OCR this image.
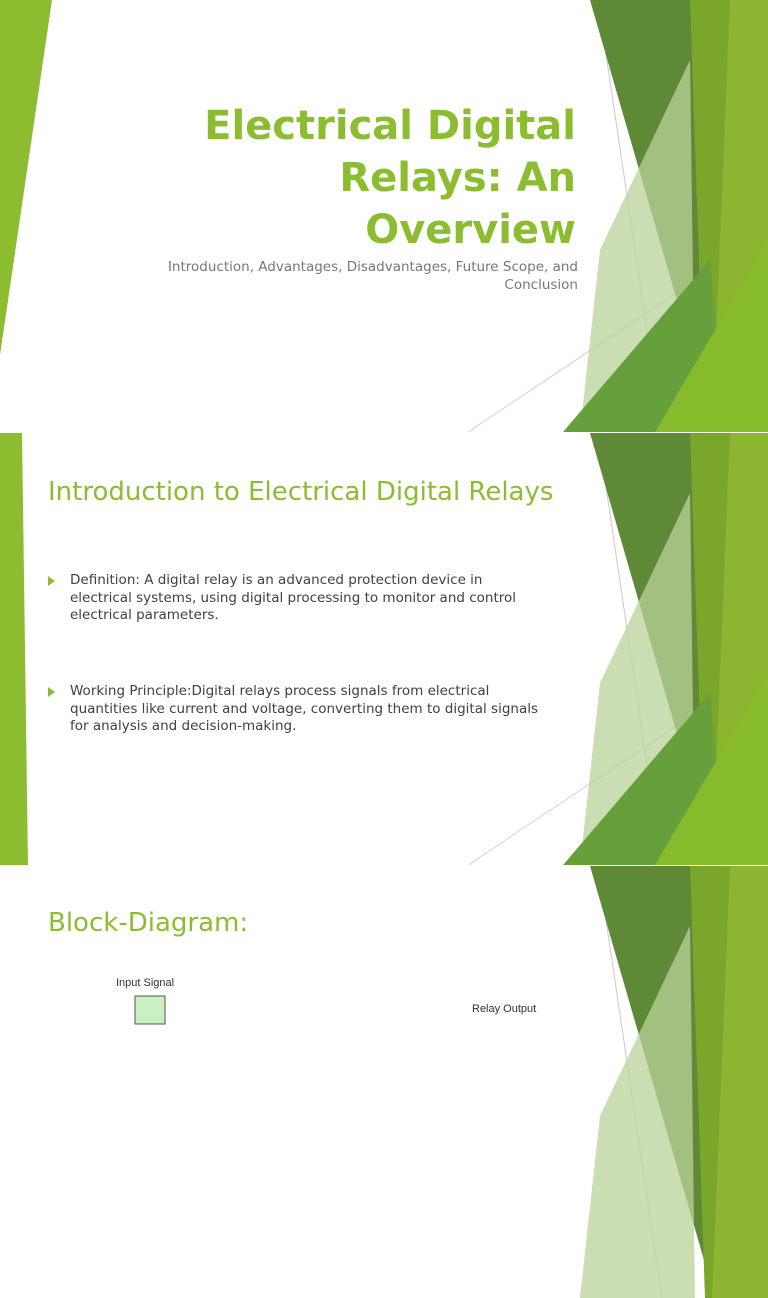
Electrical Digital Relays: An Overview

Introduction, Advantages, Disadvantages, Future Scope, and Conclusion

Introduction to Electrical Digital Relays
Definition: A digital relay is an advanced protection device in electrical systems, using digital processing to monitor and control electrical parameters.
Working Principle:Digital relays process signals from electrical quantities like current and voltage, converting them to digital signals for analysis and decision-making.
Block-Diagram:
Input Signal
Relay Output
